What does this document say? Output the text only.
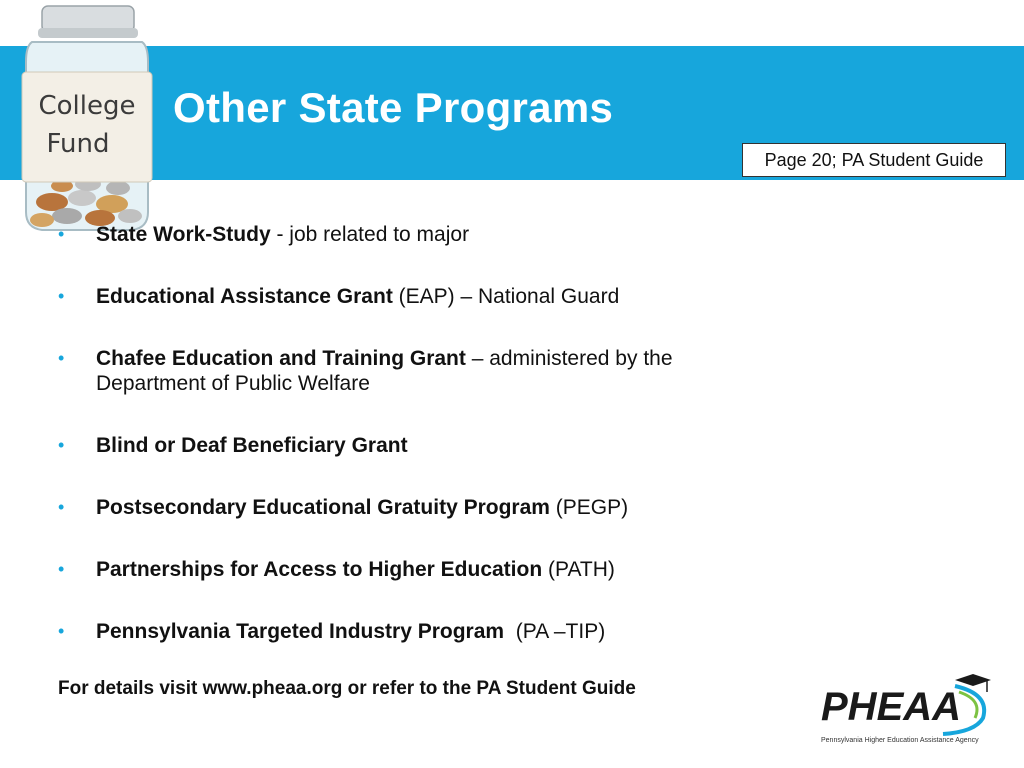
College
Fund
Other State Programs
Page 20; PA Student Guide
• State Work-Study - job related to major
• Educational Assistance Grant (EAP) – National Guard
• Chafee Education and Training Grant – administered by the
Department of Public Welfare
• Blind or Deaf Beneficiary Grant
• Postsecondary Educational Gratuity Program (PEGP)
• Partnerships for Access to Higher Education (PATH)
• Pennsylvania Targeted Industry Program  (PA –TIP)
For details visit www.pheaa.org or refer to the PA Student Guide	PHEAA
Pennsylvania Higher Education Assistance Agency
